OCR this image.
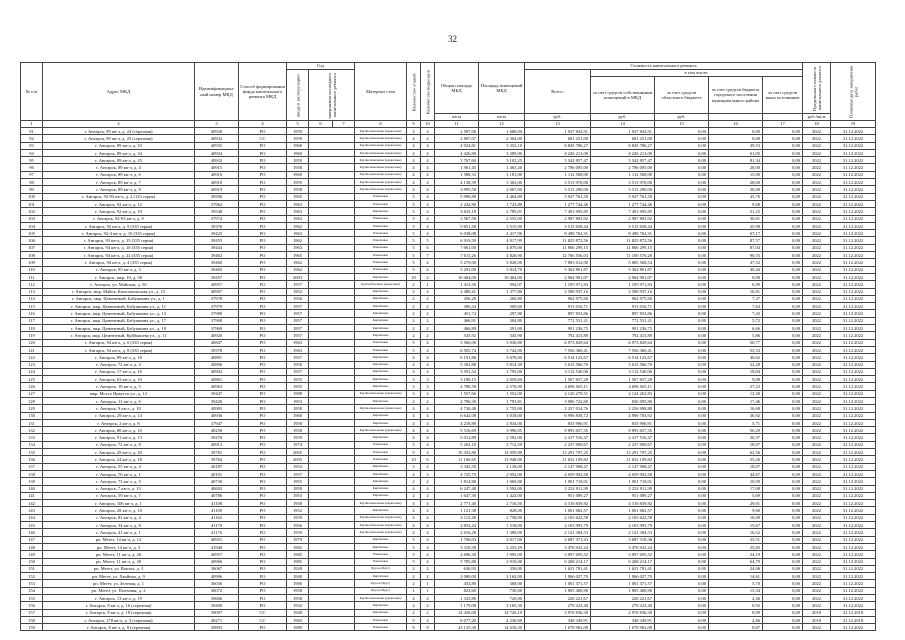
32
№ п/п	Адрес МКД	Идентификацион-ный номер МКД	Способ формирования фонда капитального ремонта МКД	Год			Материал стен	Количество этажей	Количество подъездов	Общая площадь МКД	Площадь помещений МКД	Стоимость капитального ремонта					Предельная стоимость капитального ремонта	Плановая дата завершения работ
				ввода в эксплуатацию	завершения последнего капитального ремонта							Всего:	в том числе:					
													за счет средств собственников помещений в МКД	за счет средств областного бюджета	за счет средств бюджета городского поселения муниципального района	за счет средств иных источников		
										кв.м	кв.м	руб.	руб.	руб.			руб./кв.м	
1	2	3	4	5	6	7	8	9	10	11	12	13	14	15	16	17	18	19
91	г. Ангарск, 89 кв-л, д. 24 (серочная)	40930	РО	1959			Крупнопанельные (каркасные)	4	4	2 587,06	1 668,00	1 037 842,91	1 037 842,91	0,00	0,00	0,00	2022	31.12.2022
92	г. Ангарск, 89 кв-л, д. 25 (серочная)	40932	СС	1959			Крупнопанельные (каркасные)	4	4	2 807,07	2 364,00	681 251,00	681 251,00	0,00	0,00	0,00	2022	31.12.2022
93	г. Ангарск, 89 кв-л, д. 33	40935	РО	1960			Крупнопанельные (каркасные)	4	4	4 924,81	3 352,10	6 845 786,27	6 845 786,27	0,00	39,53	0,00	2022	31.12.2022
94	г. Ангарск, 89 кв-л, д. 34	40934	РО	1960			Крупнопанельные (каркасные)	4	4	4 426,80	3 389,00	4 226 213,00	4 226 213,00	0,00	61,05	0,00	2022	31.12.2022
95	г. Ангарск, 89 кв-л, д. 25	40932	РО	1959			Крупнопанельные (каркасные)	4	4	3 767,60	3 102,25	5 342 857,47	5 342 857,47	0,00	81,34	0,00	2022	31.12.2022
96	г. Ангарск, 89 кв-л, д. 4	40915	РО	1958			Крупнопанельные (каркасные)	4	4	1 961,45	1 465,20	2 786 005,00	2 786 005,00	0,00	20,00	0,00	2022	31.12.2022
97	г. Ангарск, 89 кв-л, д. 6	40916	РО	1960			Крупнопанельные (каркасные)	4	4	1 588,33	1 181,00	1 112 508,00	1 112 508,00	0,00	15,00	0,00	2022	31.12.2022
98	г. Ангарск, 89 кв-л, д. 7	40918	РО	1959			Крупнопанельные (каркасные)	4	4	4 138,39	3 363,00	3 513 970,00	3 513 970,00	0,00	28,00	0,00	2022	31.12.2022
99	г. Ангарск, 89 кв-л, д. 9	40919	РО	1958			Крупнопанельные (каркасные)	4	4	3 995,58	2 667,00	3 513 290,00	3 513 290,00	0,00	20,00	0,00	2022	31.12.2022
100	г. Ангарск, 92-93 кв-л, д. 2 (123 серия)	39596	РО	1965			Панельные	5	4	5 996,80	4 464,80	5 927 761,50	5 927 761,50	0,00	45,76	0,00	2022	31.12.2022
101	г. Ангарск, 92 кв-л, д. 12	37962	РО	1963			Панельные	5	4	2 242,80	1 723,80	1 277 744,46	1 277 744,46	0,00	9,68	0,00	2022	31.12.2022
102	г. Ангарск, 92 кв-л, д. 19	39548	РО	1963			Кирпичные	5	4	3 633,18	2 785,01	7 491 095,85	7 491 095,85	0,00	51,25	0,00	2022	31.12.2022
103	г. Ангарск, 92-93 кв-л, д. 9	37974	РО	1963			Панельные	5	4	3 567,58	2 555,00	2 987 803,92	2 987 803,92	0,00	30,01	0,00	2022	31.12.2022
104	г. Ангарск, 92 кв-л, д. 9 (335 серия)	39376	РО	1962			Панельные	5	4	5 651,58	3 515,90	3 515 658,44	3 515 658,44	0,00	25,98	0,00	2022	31.12.2022
105	г. Ангарск, 92-4 кв-л, д. 10 (335 серия)	39425	РО	1963			Панельные	5	4	6 038,08	4 417,96	8 498 763,31	8 498 763,31	0,00	67,17	0,00	2022	31.12.2022
106	г. Ангарск, 93 кв-л, д. 15 (335 серия)	39455	РО	1962			Панельные	5	5	6 919,59	4 917,99	11 825 872,56	11 825 872,56	0,00	87,57	0,00	2022	31.12.2022
107	г. Ангарск, 94 кв-л, д. 10 (335 серия)	39444	РО	1963			Панельные	5	6	7 061,00	4 870,00	11 866 299,15	11 866 299,15	0,00	87,04	0,00	2022	31.12.2022
108	г. Ангарск, 94 кв-л, д. 22 (335 серия)	39462	РО	1965			Панельные	5	7	7 615,26	4 826,90	12 766 556,03	11 100 576,28	0,00	90,55	0,00	2022	31.12.2022
109	г. Ангарск, 94 кв-л, д. 4 (335 серия)	39460	РО	1962			Панельные	5	4	5 279,00	3 828,00	7 883 012,00	5 885 568,54	0,00	47,52	0,00	2022	31.12.2022
110	г. Ангарск, 95 кв-л, д. 3	39465	РО	1962			Панельные	5	4	5 291,00	3 814,70	5 362 861,87	5 362 861,87	0,00	40,44	0,00	2022	31.12.2022
111	г. Ангарск, мкр. 10, д. 50	39457	РО	2003			Кирпичные	10	2	10 464,00	10 464,00	2 964 901,07	2 964 901,07	0,00	0,00	0,00	2022	31.12.2022
112	г. Ангарск, ул. Майская, д. 50	40957	РО	1957			Крупноблочные (каркасные)	2	1	1 412,50	994,07	1 195 971,83	1 195 971,83	0,00	6,99	0,00	2022	31.12.2022
113	г. Ангарск, мкр. Майск, Комсомольская ул., д. 15	40907	РО	1952			Кирпичные	2	2	2 480,41	1 377,80	2 588 937,10	2 588 937,10	0,00	16,91	0,00	2022	31.12.2022
114	г. Ангарск, мкр. Цементный, Бабушкина ул., д. 1	37978	РО	1956			Кирпичные	2	2	456,28	269,80	962 975,60	962 975,60	0,00	7,37	0,00	2022	31.12.2022
115	г. Ангарск, мкр. Цементный, Бабушкина ул., д. 11	37979	РО	1957			Кирпичные	2	2	496,34	309,60	913 016,71	913 016,71	0,00	7,64	0,00	2022	31.12.2022
116	г. Ангарск, мкр. Цементный, Бабушкина ул., д. 13	37980	РО	1957			Кирпичные	2	2	451,74	297,80	897 833,86	897 833,86	0,00	7,43	0,00	2022	31.12.2022
117	г. Ангарск, мкр. Цементный, Бабушкина ул., д. 17	37968	РО	1957			Кирпичные	2	2	466,91	304,80	772 531,21	772 531,21	0,00	5,72	0,00	2022	31.12.2022
118	г. Ангарск, мкр. Цементный, Бабушкина ул., д. 19	37969	РО	1957			Кирпичные	2	2	466,89	291,00	991 236,75	991 236,75	0,00	6,66	0,00	2022	31.12.2022
119	г. Ангарск, мкр. Цементный, Куйбышева ул., д. 11	40920	РО	1957			Кирпичные	2	2	545,92	345,90	792 415,89	792 415,89	0,00	5,86	0,00	2022	31.12.2022
120	г. Ангарск, 94 кв-л, д. 6 (335 серия)	40847	РО	1963			Панельные	5	4	5 566,00	3 936,00	6 973 829,64	6 973 829,64	0,00	50,77	0,00	2022	31.12.2022
121	г. Ангарск, 94 кв-л, д. 8 (335 серия)	39378	РО	1963			Панельные	5	4	6 505,74	3 742,00	7 556 360,41	7 556 360,41	0,00	55,33	0,00	2022	31.12.2022
122	г. Ангарск, 89 кв-л, д. 18	40891	РО	1957			Кирпичные	4	4	6 191,86	3 676,00	6 514 123,67	6 514 123,67	0,00	40,62	0,00	2022	31.12.2022
123	г. Ангарск, 72 кв-л, д. 4	40896	РО	1956			Кирпичные	4	4	5 302,88	3 814,30	3 615 566,70	3 615 566,70	0,00	22,28	0,00	2022	31.12.2022
124	г. Ангарск, 17 кв-л, д. 16	40902	РО	1957			Кирпичные	3	2	3 591,52	1 795,00	3 112 540,00	3 112 540,00	0,00	18,04	0,00	2022	31.12.2022
125	г. Ангарск, 63 кв-л, д. 10	40861	РО	1955			Кирпичные	3	3	3 180,15	2 059,60	1 567 657,28	1 567 657,28	0,00	9,08	0,00	2022	31.12.2022
126	г. Ангарск, 18 кв-л, д. 5	40963	РО	1955			Кирпичные	3	3	4 780,58	2 576,90	4 696 565,11	4 696 565,11	0,00	27,23	0,00	2022	31.12.2022
127	мкр. Мосто Иркутск ул., д. 12	39447	РО	1988			Крупнопанельные (каркасные)	3	2	1 557,66	1 552,00	2 126 279,51	2 124 263,83	0,00	12,30	0,00	2022	31.12.2022
128	г. Ангарск, 12 кв-л, д. 6	39426	РО	1953			Кирпичные	2	2	2 786,30	1 793,81	3 006 722,60	826 095,80	0,00	17,46	0,00	2022	31.12.2022
129	г. Ангарск, 9 кв-л, д. 10	40983	РО	1958			Крупнопанельные (каркасные)	4	4	4 730,48	2 755,00	2 257 014,76	2 256 998,88	0,00	16,68	0,00	2022	31.12.2022
130	г. Ангарск, 29 кв-л, д. 14	40936	РО	1960			Кирпичные	4	4	6 642,08	3 018,00	6 996 838,72	4 990 703,92	0,00	36,92	0,00	2022	31.12.2022
131	г. Ангарск, 2 кв-л, д. 8	37947	РО	1958			Кирпичные	4	4	4 218,80	2 834,00	835 906,91	835 906,91	0,00	5,71	0,00	2022	31.12.2022
132	г. Ангарск, 80 кв-л, д. 10	40258	РО	1958			Крупнопанельные (каркасные)	4	4	5 316,69	3 996,05	9 893 657,35	9 893 657,35	0,00	56,29	0,00	2022	31.12.2022
133	г. Ангарск, 91 кв-л, д. 13	39276	РО	1959			Кирпичные	4	4	5 012,89	2 582,00	2 417 516,37	2 417 516,37	0,00	20,37	0,00	2022	31.12.2022
134	г. Ангарск, 72 кв-л, д. 8	40913	РО	1974			Панельные	5	4	5 262,10	3 712,50	2 237 069,67	2 237 069,67	0,00	18,97	0,00	2022	31.12.2022
135	г. Ангарск, 29 кв-л, д. 20	39781	РО	2005			Панельные	9	4	10 352,80	14 959,80	13 291 797,25	13 291 797,25	0,00	62,56	0,00	2022	31.12.2022
136	г. Ангарск, 24 кв-л, д. 18	39784	РО	2005			Панельные	10	6	11 166,65	13 948,00	11 652 109,82	11 652 109,82	0,00	55,26	0,00	2022	31.12.2022
137	г. Ангарск, 55 кв-л, д. 4	40187	РО	1952			Кирпичные	3	2	3 345,50	2 138,00	2 147 968,47	2 147 968,47	0,00	18,07	0,00	2022	31.12.2022
138	г. Ангарск, 76 кв-л, д. 1	40191	РО	1957			Кирпичные	4	3	4 725,79	2 952,00	4 059 992,58	4 059 992,58	0,00	44,67	0,00	2022	31.12.2022
139	г. Ангарск, 73 кв-л, д. 3	40730	РО	1955			Кирпичные	2	2	1 814,80	1 069,00	1 091 718,01	1 091 718,01	0,00	10,09	0,00	2022	31.12.2022
140	г. Ангарск, 7 кв-л, д. 13	40692	РО	1958			Кирпичные	4	4	6 247,48	3 592,00	2 252 911,99	2 252 911,99	0,00	17,08	0,00	2022	31.12.2022
141	г. Ангарск, 59 кв-л, д. 7	40786	РО	1953			Кирпичные	2	2	1 647,30	1 422,00	951 089,27	951 089,27	0,00	5,69	0,00	2022	31.12.2022
142	г. Ангарск, 106 кв-л, д. 1	41108	РО	1958			Крупнопанельные (каркасные)	4	4	2 771,40	2 716,50	4 310 839,82	4 310 839,82	0,00	29,01	0,00	2022	31.12.2022
143	г. Ангарск, 28 кв-л, д. 10	41109	РО	1952			Кирпичные	2	2	1 121,38	828,00	1 061 682,57	1 061 682,57	0,00	9,60	0,00	2022	31.12.2022
144	г. Ангарск, 82 кв-л, д. 4	41162	РО	1959			Крупнопанельные (каркасные)	4	4	4 112,40	2 758,00	2 165 622,58	2 165 622,58	0,00	16,00	0,00	2022	31.12.2022
145	г. Ангарск, 34 кв-л, д. 8	41170	РО	1956			Крупнопанельные (каркасные)	4	4	2 853,24	1 518,00	2 163 993,79	2 163 993,79	0,00	15,67	0,00	2022	31.12.2022
146	г. Ангарск, 41 кв-л, д. 1	41176	РО	1959			Крупнопанельные (каркасные)	4	4	2 016,28	1 389,00	2 121 394,53	2 121 394,53	0,00	16,52	0,00	2022	31.12.2022
147	рп. Мегет, 14 кв-л, д. 12	40951	РО	1979			Кирпичные	5	4	1 706,03	2 017,00	2 687 371,43	3 687 318,38	0,00	35,51	0,00	2022	31.12.2022
148	рп. Мегет, 14 кв-л, д. 3	41948	РО	1982			Кирпичные	5	4	3 310,30	2 253,29	3 476 922,24	3 476 922,24	0,00	25,82	0,00	2022	31.12.2022
149	рп. Мегет, 11 кв-л, д. 26	40957	РО	1985			Панельные	5	4	2 696,30	1 995,00	3 097 695,52	3 097 695,52	0,00	24,19	0,00	2022	31.12.2022
150	рп. Мегет, 11 кв-л, д. 20	40966	РО	1985			Панельные	5	4	5 785,80	2 910,00	6 268 214,17	6 268 214,17	0,00	64,79	0,00	2022	31.12.2022
151	рп. Мегет, ул. Вокзал, д. 3	36067	РО	1928			Брусок (Брус)	2	2	636,93	356,00	1 621 781,41	1 621 781,41	0,00	24,06	0,00	2022	31.12.2022
152	рп. Мегет, ул. Хвойная, д. 9	40996	РО	1940			Кирпичные	2	2	2 080,00	2 162,00	1 066 027,79	1 066 027,79	0,00	14,61	0,00	2022	31.12.2022
153	рп. Мегет, ул. Зеленая, д. 1	36036	РО	1980			Брусок (Брус)	2	1	453,80	368,00	1 001 471,57	1 001 471,57	0,00	5,70	0,00	2022	31.12.2022
154	рп. Мегет, ул. Почтовая, д. 2	36072	РО	1958			Брусок (Брус)	1	1	823,60	730,00	1 805 406,90	1 805 406,90	0,00	15,34	0,00	2022	31.12.2022
155	г. Ангарск, 13 кв-л, д. 19	39606	РО	1958			Крупнопанельные (каркасные)	4	2	1 335,80	720,00	220 221,67	220 221,67	0,00	2,46	0,00	2022	31.12.2022
156	г. Ангарск, 8 кв-л, д. 16 (серочная)	39400	РО	1932			Кирпичные	2	2	1 179,08	2 165,30	270 223,40	270 223,40	0,00	0,92	0,00	2022	31.12.2022
157	г. Ангарск, 8 кв-л, д. 18 (серочная)	39097	СС	1948			Кирпичные	2	2	14 436,00	14 726,10	3 976 836,30	2 976 836,30	0,00	8,99	0,00	2018	31.12.2018
158	г. Ангарск, 278 кв-л, д. 3 (серочная)	40271	СС	1983			Панельные	9	4	6 077,20	4 230,60	348 349,91	348 349,91	0,00	2,86	0,00	2018	31.12.2018
159	г. Ангарск, 8 кв-л, д. 8 (серочная)	39893	РО	1989			Панельные	9	9	23 135,30	14 610,30	1 678 962,00	1 678 962,00	0,00	8,67	0,00	2022	31.12.2022
